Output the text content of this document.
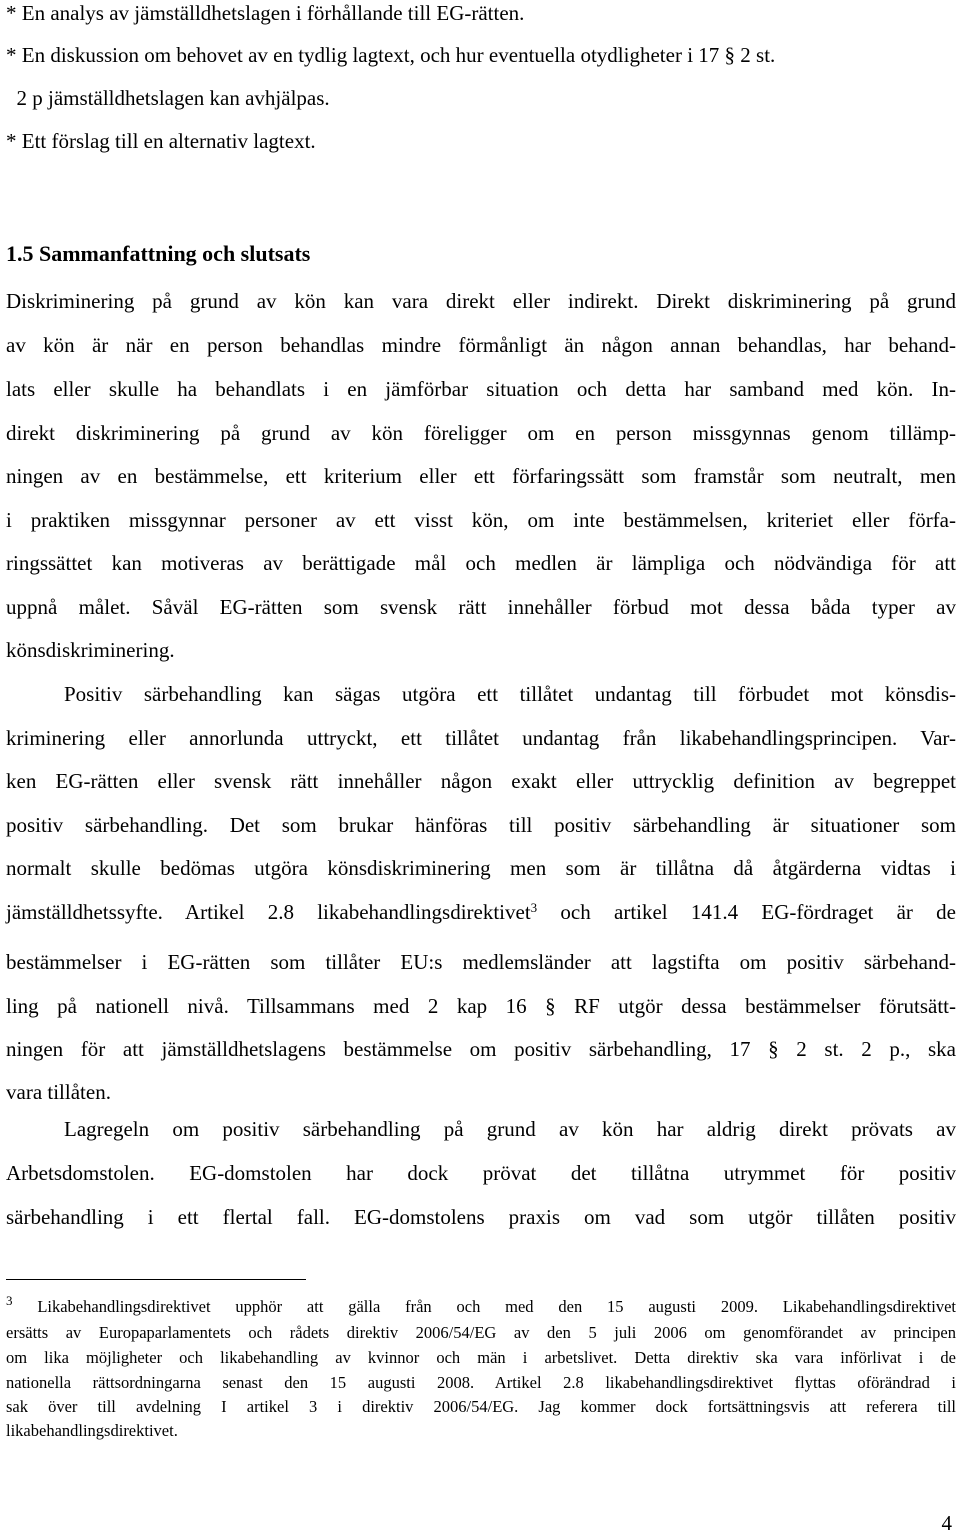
* En analys av jämställdhetslagen i förhållande till EG-rätten.
* En diskussion om behovet av en tydlig lagtext, och hur eventuella otydligheter i 17 § 2 st.
2 p jämställdhetslagen kan avhjälpas.
* Ett förslag till en alternativ lagtext.
1.5 Sammanfattning och slutsats
Diskriminering på grund av kön kan vara direkt eller indirekt. Direkt diskriminering på grund
av kön är när en person behandlas mindre förmånligt än någon annan behandlas, har behand-
lats eller skulle ha behandlats i en jämförbar situation och detta har samband med kön. In-
direkt diskriminering på grund av kön föreligger om en person missgynnas genom tillämp-
ningen av en bestämmelse, ett kriterium eller ett förfaringssätt som framstår som neutralt, men
i praktiken missgynnar personer av ett visst kön, om inte bestämmelsen, kriteriet eller förfa-
ringssättet kan motiveras av berättigade mål och medlen är lämpliga och nödvändiga för att
uppnå målet. Såväl EG-rätten som svensk rätt innehåller förbud mot dessa båda typer av
könsdiskriminering.
Positiv särbehandling kan sägas utgöra ett tillåtet undantag till förbudet mot könsdis-
kriminering eller annorlunda uttryckt, ett tillåtet undantag från likabehandlingsprincipen. Var-
ken EG-rätten eller svensk rätt innehåller någon exakt eller uttrycklig definition av begreppet
positiv särbehandling. Det som brukar hänföras till positiv särbehandling är situationer som
normalt skulle bedömas utgöra könsdiskriminering men som är tillåtna då åtgärderna vidtas i
jämställdhetssyfte. Artikel 2.8 likabehandlingsdirektivet$^3$ och artikel 141.4 EG-fördraget är de
bestämmelser i EG-rätten som tillåter EU:s medlemsländer att lagstifta om positiv särbehand-
ling på nationell nivå. Tillsammans med 2 kap 16 § RF utgör dessa bestämmelser förutsätt-
ningen för att jämställdhetslagens bestämmelse om positiv särbehandling, 17 § 2 st. 2 p., ska
vara tillåten.
Lagregeln om positiv särbehandling på grund av kön har aldrig direkt prövats av
Arbetsdomstolen. EG-domstolen har dock prövat det tillåtna utrymmet för positiv
särbehandling i ett flertal fall. EG-domstolens praxis om vad som utgör tillåten positiv
$^3$ Likabehandlingsdirektivet upphör att gälla från och med den 15 augusti 2009. Likabehandlingsdirektivet
ersätts av Europaparlamentets och rådets direktiv 2006/54/EG av den 5 juli 2006 om genomförandet av principen
om lika möjligheter och likabehandling av kvinnor och män i arbetslivet. Detta direktiv ska vara införlivat i de
nationella rättsordningarna senast den 15 augusti 2008. Artikel 2.8 likabehandlingsdirektivet flyttas oförändrad i
sak över till avdelning I artikel 3 i direktiv 2006/54/EG. Jag kommer dock fortsättningsvis att referera till
likabehandlingsdirektivet.
4
